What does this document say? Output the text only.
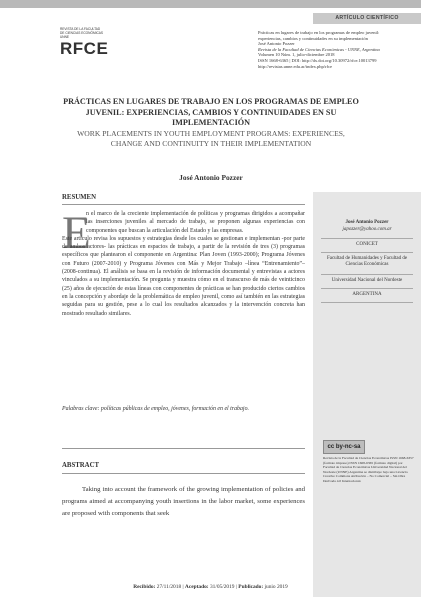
ARTÍCULO CIENTÍFICO
REVISTA DE LA FACULTAD
DE CIENCIAS ECONÓMICAS
UNNE
RFCE

Prácticas en lugares de trabajo en los programas de empleo juvenil:

experiencias, cambios y continuidades en su implementación

José Antonio Pozzer

Revista de la Facultad de Ciencias Económicas - UNNE, Argentina

Volumen 10 Núm. 1, julio-diciembre 2018

ISSN 1668-6365 | DOI: http://dx.doi.org/10.30972/rfce.10013799

http://revistas.unne.edu.ar/index.php/rfce

PRÁCTICAS EN LUGARES DE TRABAJO EN LOS PROGRAMAS DE EMPLEO JUVENIL: EXPERIENCIAS, CAMBIOS Y CONTINUIDADES EN SU IMPLEMENTACIÓN
WORK PLACEMENTS IN YOUTH EMPLOYMENT PROGRAMS: EXPERIENCES, CHANGE AND CONTINUITY IN THEIR IMPLEMENTATION
José Antonio Pozzer
RESUMEN
José Antonio Pozzer
japozzer@yahoo.com.ar
CONICET
Facultad de Humanidades y Facultad de Ciencias Económicas
Universidad Nacional del Nordeste
ARGENTINA
E
n el marco de la creciente implementación de políticas y programas dirigidos a acompañar las inserciones juveniles al mercado de trabajo, se proponen algunas experiencias con componentes que buscan la articulación del Estado y las empresas.
Este artículo revisa los supuestos y estrategias desde los cuales se gestionan e implementan -por parte de ambos actores- las prácticas en espacios de trabajo, a partir de la revisión de tres (3) programas específicos que plantearon el componente en Argentina: Plan Joven (1993-2000); Programa Jóvenes con Futuro (2007-2010) y Programa Jóvenes con Más y Mejor Trabajo –línea “Entrenamiento”– (2008-continua). El análisis se basa en la revisión de información documental y entrevistas a actores vinculados a su implementación. Se pregunta y muestra cómo en el transcurso de más de veinticinco (25) años de ejecución de estas líneas con componentes de prácticas se han producido ciertos cambios en la concepción y abordaje de la problemática de empleo juvenil, como así también en las estrategias seguidas para su gestión, pese a lo cual los resultados alcanzados y la intervención concreta han mostrado resultado similares.
Palabras clave: políticas públicas de empleo, jóvenes, formación en el trabajo.
cc by-nc-sa
Revista de la Facultad de Ciencias Económicas ISSN 1668-6357 (formato impreso) ISSN 1668-6365 (formato digital) por Facultad de Ciencias Económicas Universidad Nacional del Nordeste (UNNE) Argentina se distribuye bajo una Licencia Creative Commons Atribución – No Comercial – Sin Obra Derivada 4.0 Internacional.
ABSTRACT
Taking into account the framework of the growing implementation of policies and programs aimed at accompanying youth insertions in the labor market, some experiences are proposed with components that seek
Recibido: 27/11/2018 | Aceptado: 31/05/2019 | Publicado: junio 2019
